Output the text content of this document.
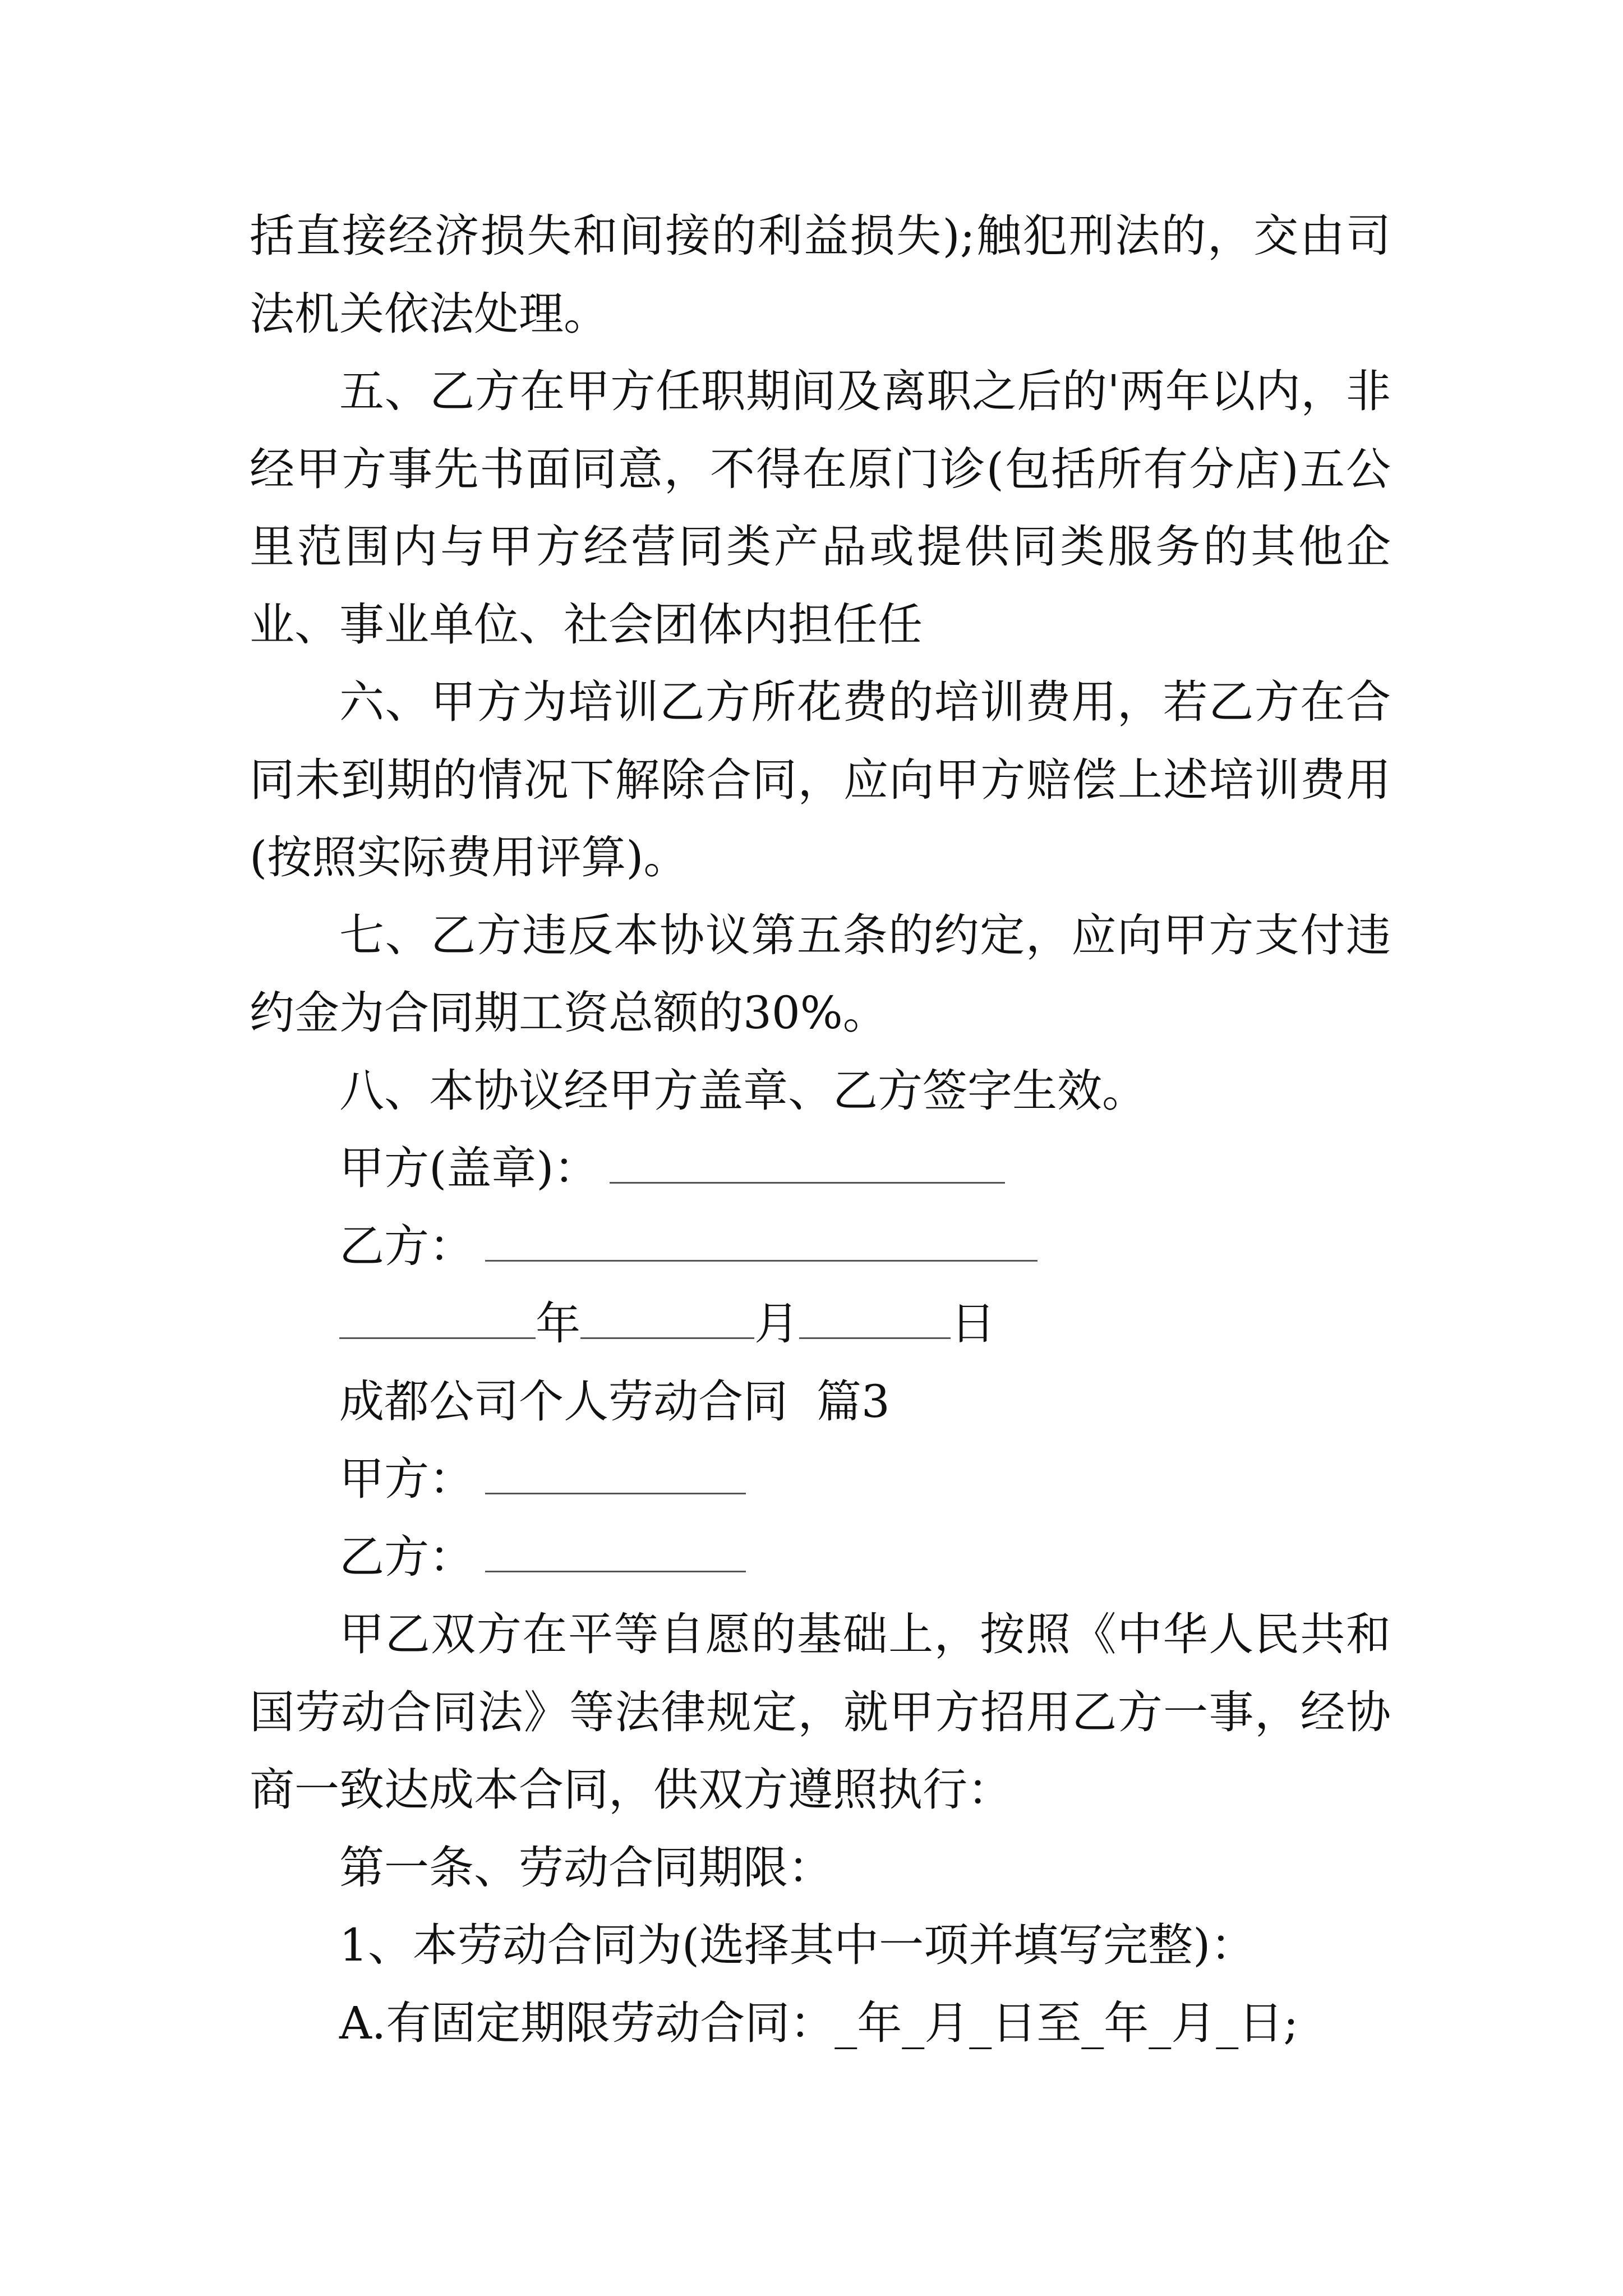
括直接经济损失和间接的利益损失);触犯刑法的，交由司法机关依法处理。

五、乙方在甲方任职期间及离职之后的'两年以内，非经甲方事先书面同意，不得在原门诊(包括所有分店)五公里范围内与甲方经营同类产品或提供同类服务的其他企业、事业单位、社会团体内担任任

六、甲方为培训乙方所花费的培训费用，若乙方在合同未到期的情况下解除合同，应向甲方赔偿上述培训费用(按照实际费用评算)。

七、乙方违反本协议第五条的约定，应向甲方支付违约金为合同期工资总额的30%。

八、本协议经甲方盖章、乙方签字生效。

甲方(盖章)：

乙方：

年	月	日

成都公司个人劳动合同  篇3

甲方：

乙方：

甲乙双方在平等自愿的基础上，按照《中华人民共和国劳动合同法》等法律规定，就甲方招用乙方一事，经协商一致达成本合同，供双方遵照执行：

第一条、劳动合同期限：

1、本劳动合同为(选择其中一项并填写完整)：

A.有固定期限劳动合同：_年_月_日至_年_月_日;
